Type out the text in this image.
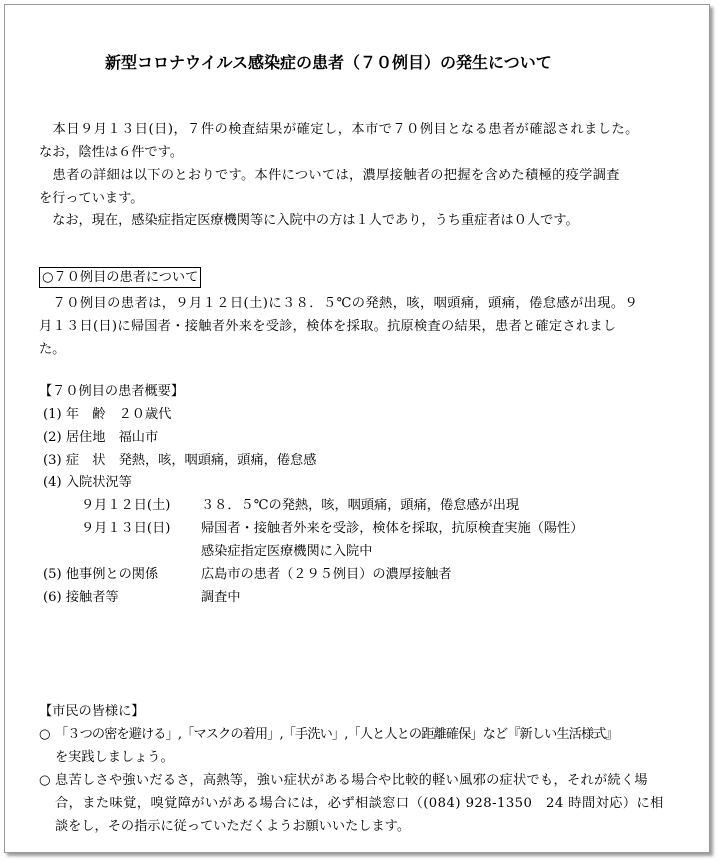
新型コロナウイルス感染症の患者（７０例目）の発生について
　本日９月１３日(日)，７件の検査結果が確定し，本市で７０例目となる患者が確認されました。
なお，陰性は６件です。
　患者の詳細は以下のとおりです。本件については，濃厚接触者の把握を含めた積極的疫学調査
を行っています。
　なお，現在，感染症指定医療機関等に入院中の方は１人であり，うち重症者は０人です。
○７０例目の患者について
　７０例目の患者は，９月１２日(土)に３８．５℃の発熱，咳，咽頭痛，頭痛，倦怠感が出現。９
月１３日(日)に帰国者・接触者外来を受診，検体を採取。抗原検査の結果，患者と確定されまし
た。
【７０例目の患者概要】
(1) 年　齢　２０歳代
(2) 居住地　福山市
(3) 症　状　発熱，咳，咽頭痛，頭痛，倦怠感
(4) 入院状況等
９月１２日(土) ３８．５℃の発熱，咳，咽頭痛，頭痛，倦怠感が出現
９月１３日(日) 帰国者・接触者外来を受診，検体を採取，抗原検査実施（陽性）
感染症指定医療機関に入院中
(5) 他事例との関係	広島市の患者（２９５例目）の濃厚接触者
(6) 接触者等	調査中
【市民の皆様に】
○ 「３つの密を避ける」,「マスクの着用」,「手洗い」,「人と人との距離確保」など『新しい生活様式』
を実践しましょう。
○ 息苦しさや強いだるさ，高熱等，強い症状がある場合や比較的軽い風邪の症状でも，それが続く場
合，また味覚，嗅覚障がいがある場合には，必ず相談窓口（(084) 928-1350　24 時間対応）に相
談をし，その指示に従っていただくようお願いいたします。
